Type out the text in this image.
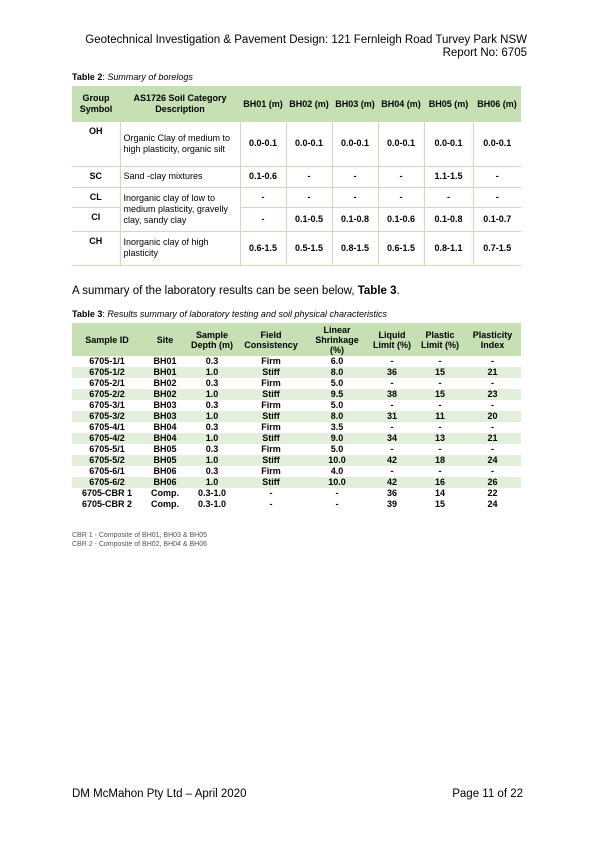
Geotechnical Investigation & Pavement Design: 121 Fernleigh Road Turvey Park NSW
Report No: 6705
Table 2: Summary of borelogs
Group Symbol	AS1726 Soil Category Description	BH01 (m)	BH02 (m)	BH03 (m)	BH04 (m)	BH05 (m)	BH06 (m)
OH	Organic Clay of medium to high plasticity, organic silt	0.0-0.1	0.0-0.1	0.0-0.1	0.0-0.1	0.0-0.1	0.0-0.1
SC	Sand -clay mixtures	0.1-0.6	-	-	-	1.1-1.5	-
CL	Inorganic clay of low to medium plasticity, gravelly clay, sandy clay	-	-	-	-	-	-
CI		-	0.1-0.5	0.1-0.8	0.1-0.6	0.1-0.8	0.1-0.7
CH	Inorganic clay of high plasticity	0.6-1.5	0.5-1.5	0.8-1.5	0.6-1.5	0.8-1.1	0.7-1.5
A summary of the laboratory results can be seen below, Table 3.
Table 3: Results summary of laboratory testing and soil physical characteristics
Sample ID	Site	Sample Depth (m)	Field Consistency	Linear Shrinkage (%)	Liquid Limit (%)	Plastic Limit (%)	Plasticity Index
6705-1/1	BH01	0.3	Firm	6.0	-	-	-
6705-1/2	BH01	1.0	Stiff	8.0	36	15	21
6705-2/1	BH02	0.3	Firm	5.0	-	-	-
6705-2/2	BH02	1.0	Stiff	9.5	38	15	23
6705-3/1	BH03	0.3	Firm	5.0	-	-	-
6705-3/2	BH03	1.0	Stiff	8.0	31	11	20
6705-4/1	BH04	0.3	Firm	3.5	-	-	-
6705-4/2	BH04	1.0	Stiff	9.0	34	13	21
6705-5/1	BH05	0.3	Firm	5.0	-	-	-
6705-5/2	BH05	1.0	Stiff	10.0	42	18	24
6705-6/1	BH06	0.3	Firm	4.0	-	-	-
6705-6/2	BH06	1.0	Stiff	10.0	42	16	26
6705-CBR 1	Comp.	0.3-1.0	-	-	36	14	22
6705-CBR 2	Comp.	0.3-1.0	-	-	39	15	24
CBR 1 - Composite of BH01, BH03 & BH05
CBR 2 - Composite of BH02, BH04 & BH06
DM McMahon Pty Ltd – April 2020	Page 11 of 22
